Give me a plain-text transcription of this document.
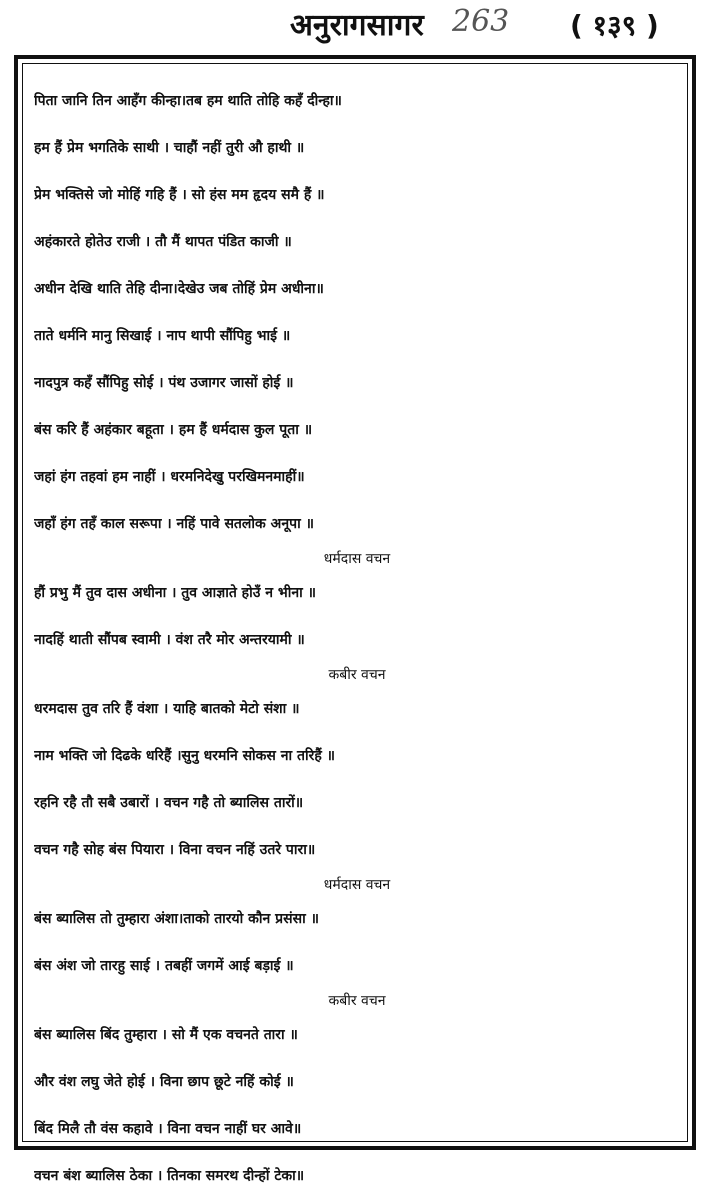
अनुरागसागर 263 ( १३९ )
पिता जानि तिन आहँग कीन्हा।तब हम थाति तोहि कहँ दीन्हा॥
हम हैं प्रेम भगतिके साथी । चाहौं नहीं तुरी औ हाथी ॥
प्रेम भक्तिसे जो मोहिं गहि हैं । सो हंस मम हृदय समै हैं ॥
अहंकारते होतेउ राजी । तौ मैं थापत पंडित काजी ॥
अधीन देखि थाति तेहि दीना।देखेउ जब तोहिं प्रेम अधीना॥
ताते धर्मनि मानु सिखाई । नाप थापी सौंपिहु भाई ॥
नादपुत्र कहँ सौंपिहु सोई । पंथ उजागर जासों होई ॥
बंस करि हैं अहंकार बहूता । हम हैं धर्मदास कुल पूता ॥
जहां हंग तहवां हम नाहीं । धरमनिदेखु परखिमनमाहीं॥
जहाँ हंग तहँ काल सरूपा । नहिं पावे सतलोक अनूपा ॥
धर्मदास वचन
हौं प्रभु मैं तुव दास अधीना । तुव आज्ञाते होउँ न भीना ॥
नादहिं थाती सौंपब स्वामी । वंश तरै मोर अन्तरयामी ॥
कबीर वचन
धरमदास तुव तरि हैं वंशा । याहि बातको मेटो संशा ॥
नाम भक्ति जो दिढके धरिहैं ।सुनु धरमनि सोकस ना तरिहैं ॥
रहनि रहै तौ सबै उबारों । वचन गहै तो ब्यालिस तारों॥
वचन गहै सोह बंस पियारा । विना वचन नहिं उतरे पारा॥
धर्मदास वचन
बंस ब्यालिस तो तुम्हारा अंशा।ताको तारयो कौन प्रसंसा ॥
बंस अंश जो तारहु साई । तबहीं जगमें आई बड़ाई ॥
कबीर वचन
बंस ब्यालिस बिंद तुम्हारा । सो मैं एक वचनते तारा ॥
और वंश लघु जेते होई । विना छाप छूटे नहिं कोई ॥
बिंद मिलै तौ वंस कहावे । विना वचन नाहीं घर आवे॥
वचन बंश ब्यालिस ठेका । तिनका समरथ दीन्हों टेका॥
